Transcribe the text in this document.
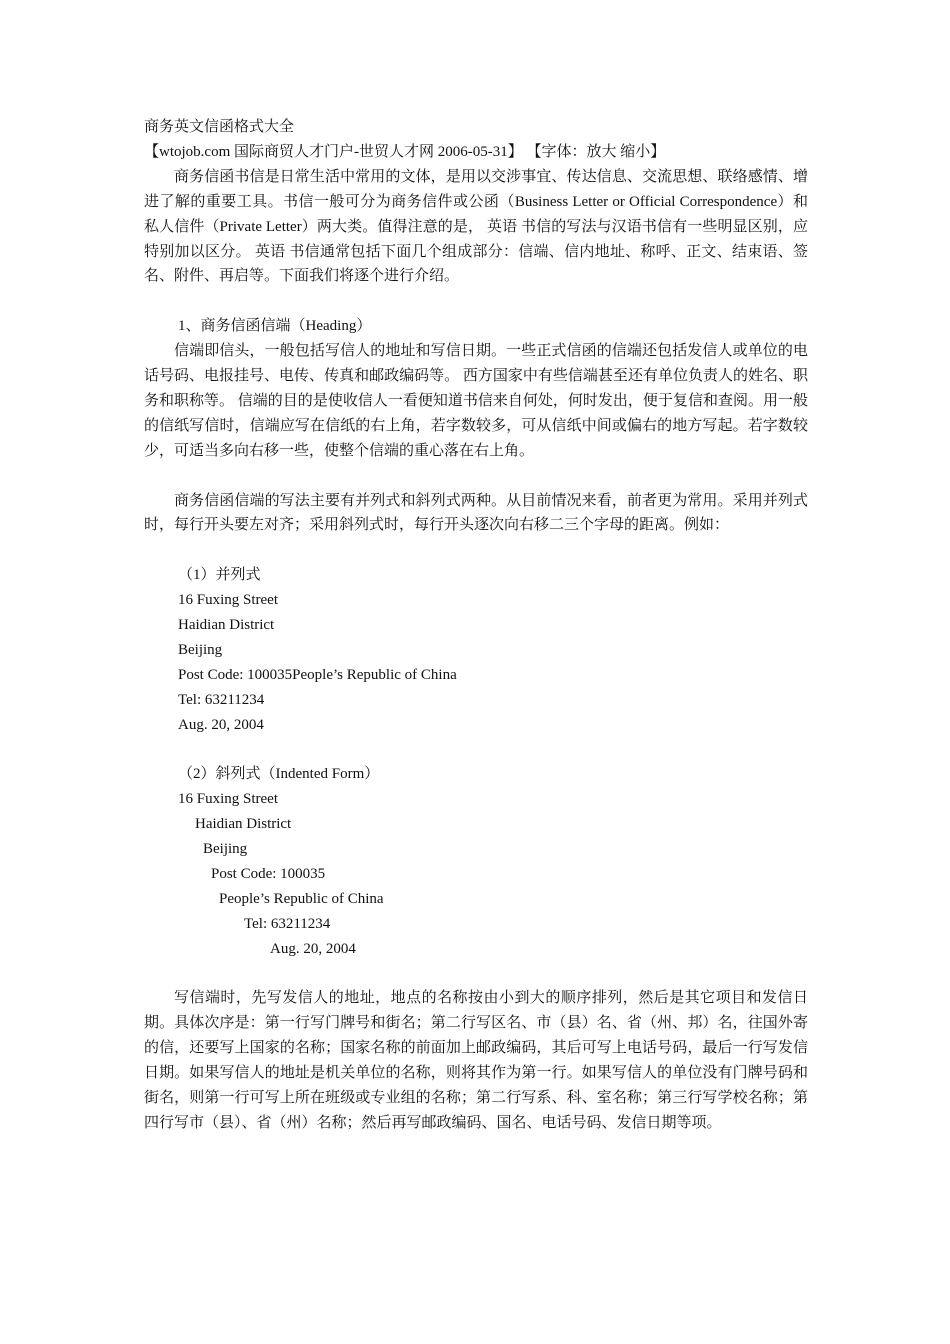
商务英文信函格式大全
【wtojob.com 国际商贸人才门户-世贸人才网 2006-05-31】 【字体：放大 缩小】

商务信函书信是日常生活中常用的文体，是用以交涉事宜、传达信息、交流思想、联络感情、增进了解的重要工具。书信一般可分为商务信件或公函（Business Letter or Official Correspondence）和私人信件（Private Letter）两大类。值得注意的是， 英语 书信的写法与汉语书信有一些明显区别，应特别加以区分。 英语 书信通常包括下面几个组成部分：信端、信内地址、称呼、正文、结束语、签名、附件、再启等。下面我们将逐个进行介绍。

1、商务信函信端（Heading）

信端即信头，一般包括写信人的地址和写信日期。一些正式信函的信端还包括发信人或单位的电话号码、电报挂号、电传、传真和邮政编码等。 西方国家中有些信端甚至还有单位负责人的姓名、职务和职称等。 信端的目的是使收信人一看便知道书信来自何处，何时发出，便于复信和查阅。用一般的信纸写信时，信端应写在信纸的右上角，若字数较多，可从信纸中间或偏右的地方写起。若字数较少，可适当多向右移一些，使整个信端的重心落在右上角。

商务信函信端的写法主要有并列式和斜列式两种。从目前情况来看，前者更为常用。采用并列式时，每行开头要左对齐；采用斜列式时，每行开头逐次向右移二三个字母的距离。例如：

（1）并列式
16 Fuxing Street
Haidian District
Beijing
Post Code: 100035People’s Republic of China
Tel: 63211234
Aug. 20, 2004
（2）斜列式（Indented Form）
16 Fuxing Street
Haidian District
Beijing
Post Code: 100035
People’s Republic of China
Tel: 63211234
Aug. 20, 2004

写信端时，先写发信人的地址，地点的名称按由小到大的顺序排列，然后是其它项目和发信日期。具体次序是：第一行写门牌号和街名；第二行写区名、市（县）名、省（州、邦）名，往国外寄的信，还要写上国家的名称；国家名称的前面加上邮政编码，其后可写上电话号码，最后一行写发信日期。如果写信人的地址是机关单位的名称，则将其作为第一行。如果写信人的单位没有门牌号码和街名，则第一行可写上所在班级或专业组的名称；第二行写系、科、室名称；第三行写学校名称；第四行写市（县）、省（州）名称；然后再写邮政编码、国名、电话号码、发信日期等项。
